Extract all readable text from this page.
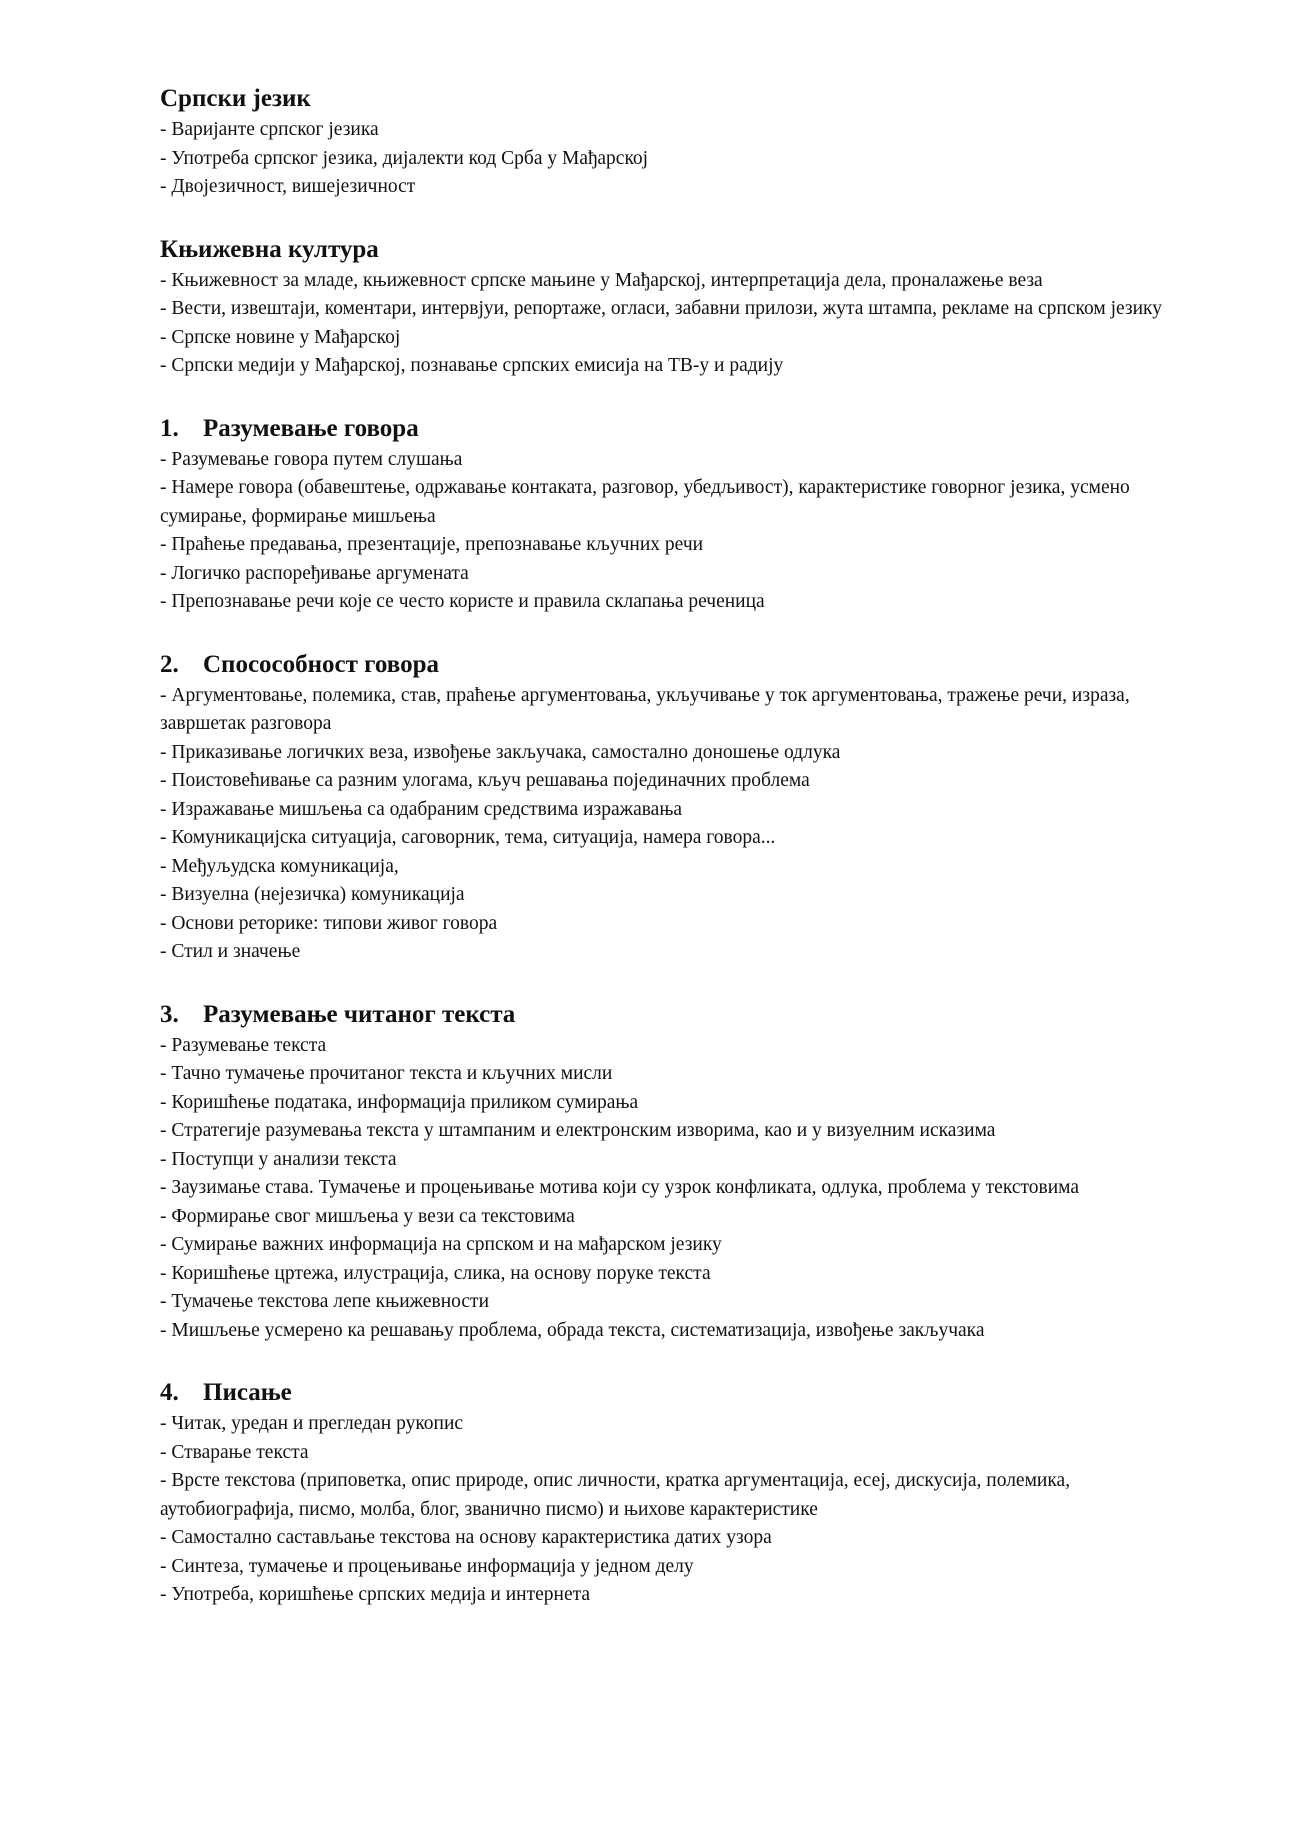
Српски језик
- Варијанте српског језика
- Употреба српског језика, дијалекти код Срба у Мађарској
- Двојезичност, вишејезичност
Књижевна култура
- Књижевност за младе, књижевност српске мањине у Мађарској, интерпретација дела, проналажење веза
- Вести, извештаји, коментари, интервјуи, репортаже, огласи, забавни прилози, жута штампа, рекламе на српском језику
- Српске новине у Мађарској
- Српски медији у Мађарској, познавање српских емисија на ТВ-у и радију
1. Разумевање говора
- Разумевање говора путем слушања
- Намере говора (обавештење, одржавање контаката, разговор, убедљивост), карактеристике говорног језика, усмено сумирање, формирање мишљења
- Праћење предавања, презентације, препознавање кључних речи
- Логичко распоређивање аргумената
- Препознавање речи које се често користе и правила склапања реченица
2. Спосособност говора
- Аргументовање, полемика, став, праћење аргументовања, укључивање у ток аргументовања, тражење речи, израза, завршетак разговора
- Приказивање логичких веза, извођење закључака, самостално доношење одлука
- Поистовећивање са разним улогама, кључ решавања појединачних проблема
- Изражавање мишљења са одабраним средствима изражавања
- Комуникацијска ситуација, саговорник, тема, ситуација, намера говора...
- Међуљудска комуникација,
- Визуелна (нејезичка) комуникација
- Основи реторике: типови живог говора
- Стил и значење
3. Разумевање читаног текста
- Разумевање текста
- Тачно тумачење прочитаног текста и кључних мисли
- Коришћење података, информација приликом сумирања
- Стратегије разумевања текста у штампаним и електронским изворима, као и у визуелним исказима
- Поступци у анализи текста
- Заузимање става. Тумачење и процењивање мотива који су узрок конфликата, одлука, проблема у текстовима
- Формирање свог мишљења у вези са текстовима
- Сумирање важних информација на српском и на мађарском језику
- Коришћење цртежа, илустрација, слика, на основу поруке текста
- Тумачење текстова лепе књижевности
- Мишљење усмерено ка решавању проблема, обрада текста, систематизација, извођење закључака
4. Писање
- Читак, уредан и прегледан рукопис
- Стварање текста
- Врсте текстова (приповетка, опис природе, опис личности, кратка аргументација, есеј, дискусија, полемика, аутобиографија, писмо, молба, блог, званично писмо) и њихове карактеристике
- Самостално састављање текстова на основу карактеристика датих узора
- Синтеза, тумачење и процењивање информација у једном делу
- Употреба, коришћење српских медија и интернета
